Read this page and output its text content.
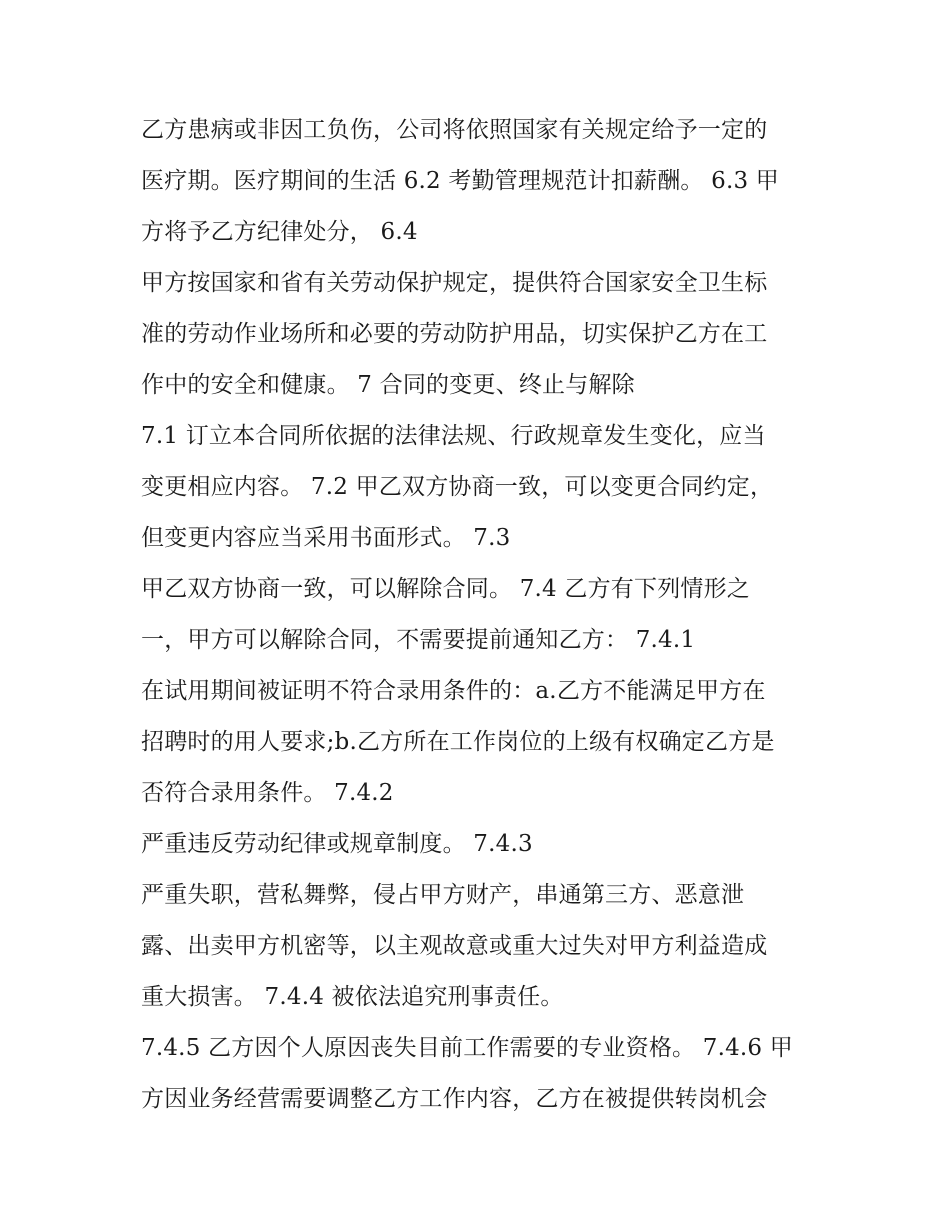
乙方患病或非因工负伤，公司将依照国家有关规定给予一定的
医疗期。医疗期间的生活 6.2 考勤管理规范计扣薪酬。 6.3 甲
方将予乙方纪律处分， 6.4
甲方按国家和省有关劳动保护规定，提供符合国家安全卫生标
准的劳动作业场所和必要的劳动防护用品，切实保护乙方在工
作中的安全和健康。 7 合同的变更、终止与解除
7.1 订立本合同所依据的法律法规、行政规章发生变化，应当
变更相应内容。 7.2 甲乙双方协商一致，可以变更合同约定，
但变更内容应当采用书面形式。 7.3
甲乙双方协商一致，可以解除合同。 7.4 乙方有下列情形之
一，甲方可以解除合同，不需要提前通知乙方： 7.4.1
在试用期间被证明不符合录用条件的：a.乙方不能满足甲方在
招聘时的用人要求;b.乙方所在工作岗位的上级有权确定乙方是
否符合录用条件。 7.4.2
严重违反劳动纪律或规章制度。 7.4.3
严重失职，营私舞弊，侵占甲方财产，串通第三方、恶意泄
露、出卖甲方机密等，以主观故意或重大过失对甲方利益造成
重大损害。 7.4.4 被依法追究刑事责任。
7.4.5 乙方因个人原因丧失目前工作需要的专业资格。 7.4.6 甲
方因业务经营需要调整乙方工作内容，乙方在被提供转岗机会
